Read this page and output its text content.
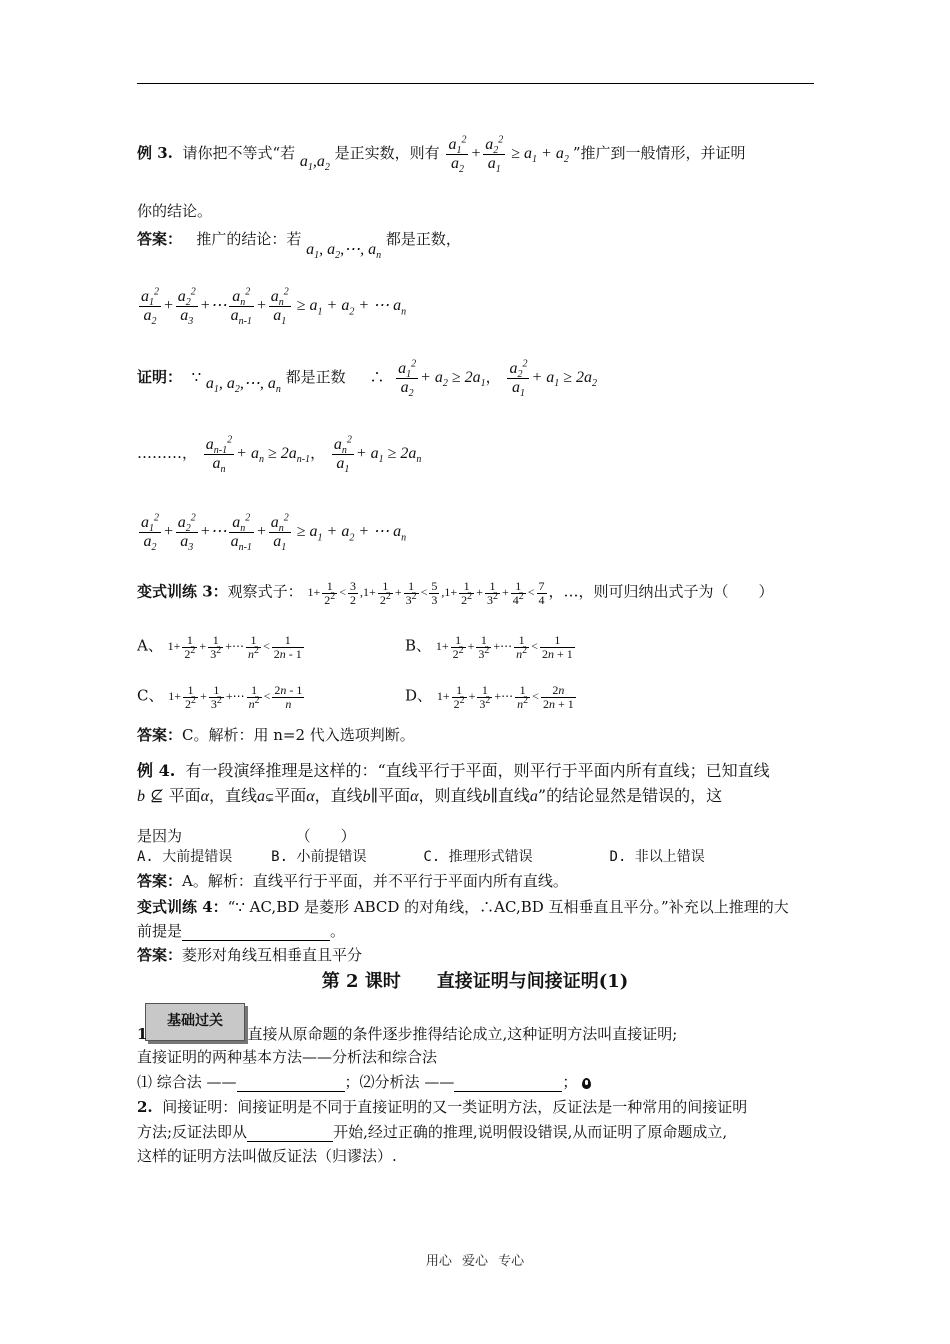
例 3. 请你把不等式“若 $a_1,a_2$ 是正实数，则有 $\frac{a_1^2}{a_2} + \frac{a_2^2}{a_1} \ge a_1 + a_2$ ”推广到一般情形，并证明
你的结论。
答案： 推广的结论：若 $a_1$, $a_2,\cdots$, $a_n$ 都是正数，
$\frac{a_1^2}{a_2} + \frac{a_2^2}{a_3}$ +⋯ $\frac{a_n^2}{a_{n-1}} + \frac{a_n^2}{a_1} \ge a_1 + a_2$ + ⋯ $a_n$
证明： ∵ $a_1$, $a_2,\cdots$, $a_n$ 都是正数 ∴ $\frac{a_1^2}{a_2} + a_2 \ge 2a_1$， $\frac{a_2^2}{a_1} + a_1 \ge 2a_2$
………， $\frac{a_{n-1}^2}{a_n} + a_n \ge 2a_{n-1}$， $\frac{a_n^2}{a_1} + a_1 \ge 2a_n$
$\frac{a_1^2}{a_2} + \frac{a_2^2}{a_3}$ +⋯ $\frac{a_n^2}{a_{n-1}} + \frac{a_n^2}{a_1} \ge a_1 + a_2$ + ⋯ $a_n$
变式训练 3：观察式子： $1+ \frac{1}{2^2} < \frac{3}{2} ,1+ \frac{1}{2^2} + \frac{1}{3^2} < \frac{5}{3} ,1+ \frac{1}{2^2} + \frac{1}{3^2} + \frac{1}{4^2} < \frac{7}{4}$ ，…，则可归纳出式子为（　　）
A、 $1+ \frac{1}{2^2} + \frac{1}{3^2}$ +⋯ $\frac{1}{n^2} < \frac{1}{2n - 1}$	B、 $1+ \frac{1}{2^2} + \frac{1}{3^2}$ +⋯ $\frac{1}{n^2} < \frac{1}{2n + 1}$
C、 $1+ \frac{1}{2^2} + \frac{1}{3^2}$ +⋯ $\frac{1}{n^2} < \frac{2n - 1}{n}$	D、 $1+ \frac{1}{2^2} + \frac{1}{3^2}$ +⋯ $\frac{1}{n^2} < \frac{2n}{2n + 1}$
答案：C。解析：用 n=2 代入选项判断。
例 4. 有一段演绎推理是这样的：“直线平行于平面，则平行于平面内所有直线；已知直线
b ⊈ 平面α，直线a⊊平面α，直线b∥平面α，则直线b∥直线a”的结论显然是错误的，这
是因为	（　　）
A. 大前提错误	B. 小前提错误	C. 推理形式错误	D. 非以上错误
答案：A。解析：直线平行于平面，并不平行于平面内所有直线。
变式训练 4：“∵ AC,BD 是菱形 ABCD 的对角线，∴AC,BD 互相垂直且平分。”补充以上推理的大
前提是	。
答案：菱形对角线互相垂直且平分
第 2 课时　　直接证明与间接证明(1)
基础过关
1	直接从原命题的条件逐步推得结论成立,这种证明方法叫直接证明;
直接证明的两种基本方法——分析法和综合法
⑴ 综合法 ——	；⑵分析法 ——	；
2. 间接证明：间接证明是不同于直接证明的又一类证明方法，反证法是一种常用的间接证明
方法;反证法即从	开始,经过正确的推理,说明假设错误,从而证明了原命题成立,
这样的证明方法叫做反证法（归谬法）.
用心 爱心 专心
